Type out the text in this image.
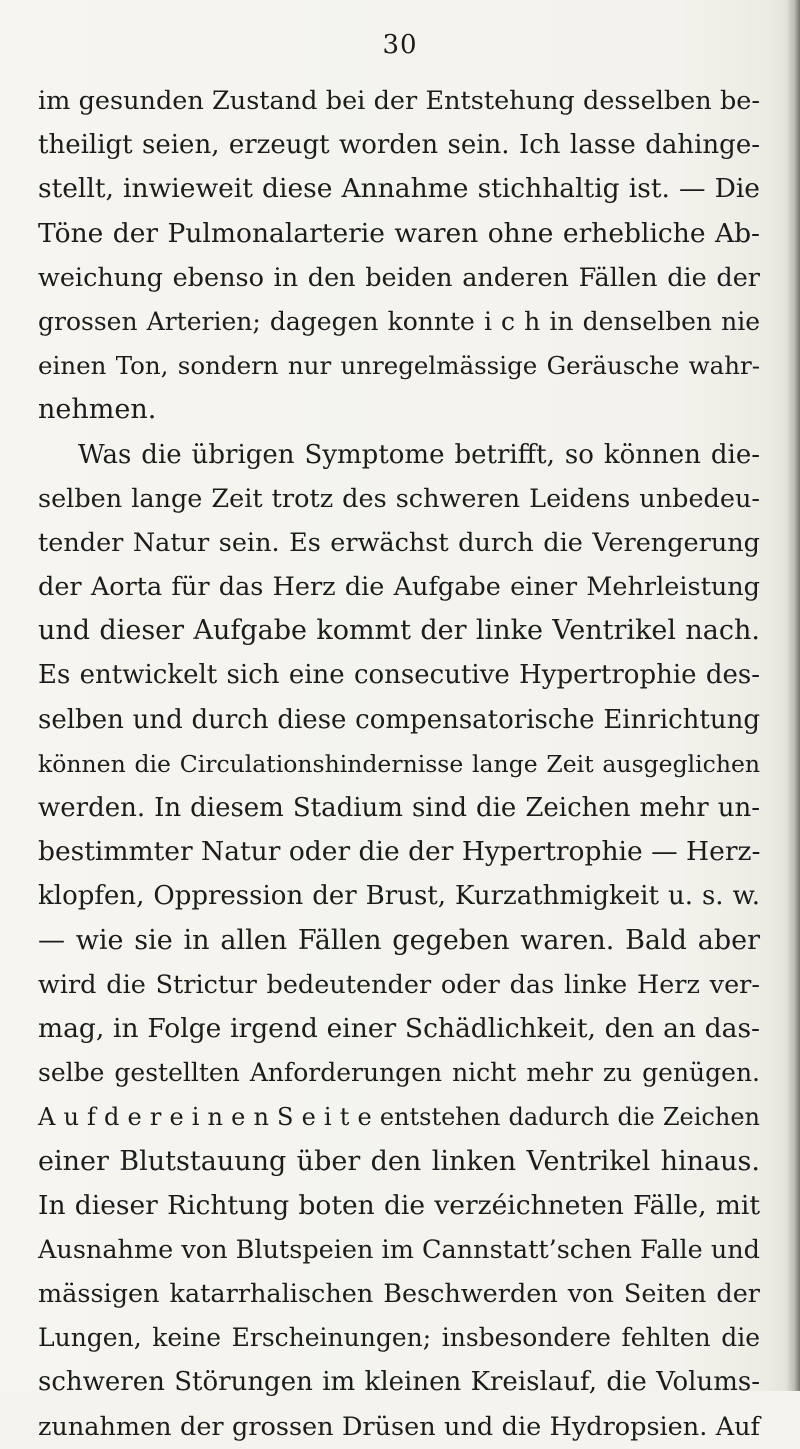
30
im gesunden Zustand bei der Entstehung desselben be-
theiligt seien, erzeugt worden sein. Ich lasse dahinge-
stellt, inwieweit diese Annahme stichhaltig ist. — Die
Töne der Pulmonalarterie waren ohne erhebliche Ab-
weichung ebenso in den beiden anderen Fällen die der
grossen Arterien; dagegen konnte i c h in denselben nie
einen Ton, sondern nur unregelmässige Geräusche wahr-
nehmen.
Was die übrigen Symptome betrifft, so können die-
selben lange Zeit trotz des schweren Leidens unbedeu-
tender Natur sein. Es erwächst durch die Verengerung
der Aorta für das Herz die Aufgabe einer Mehrleistung
und dieser Aufgabe kommt der linke Ventrikel nach.
Es entwickelt sich eine consecutive Hypertrophie des-
selben und durch diese compensatorische Einrichtung
können die Circulationshindernisse lange Zeit ausgeglichen
werden. In diesem Stadium sind die Zeichen mehr un-
bestimmter Natur oder die der Hypertrophie — Herz-
klopfen, Oppression der Brust, Kurzathmigkeit u. s. w.
— wie sie in allen Fällen gegeben waren. Bald aber
wird die Strictur bedeutender oder das linke Herz ver-
mag, in Folge irgend einer Schädlichkeit, den an das-
selbe gestellten Anforderungen nicht mehr zu genügen.
A u f d e r e i n e n S e i t e entstehen dadurch die Zeichen
einer Blutstauung über den linken Ventrikel hinaus.
In dieser Richtung boten die verzéichneten Fälle, mit
Ausnahme von Blutspeien im Cannstatt’schen Falle und
mässigen katarrhalischen Beschwerden von Seiten der
Lungen, keine Erscheinungen; insbesondere fehlten die
schweren Störungen im kleinen Kreislauf, die Volums-
zunahmen der grossen Drüsen und die Hydropsien. Auf
